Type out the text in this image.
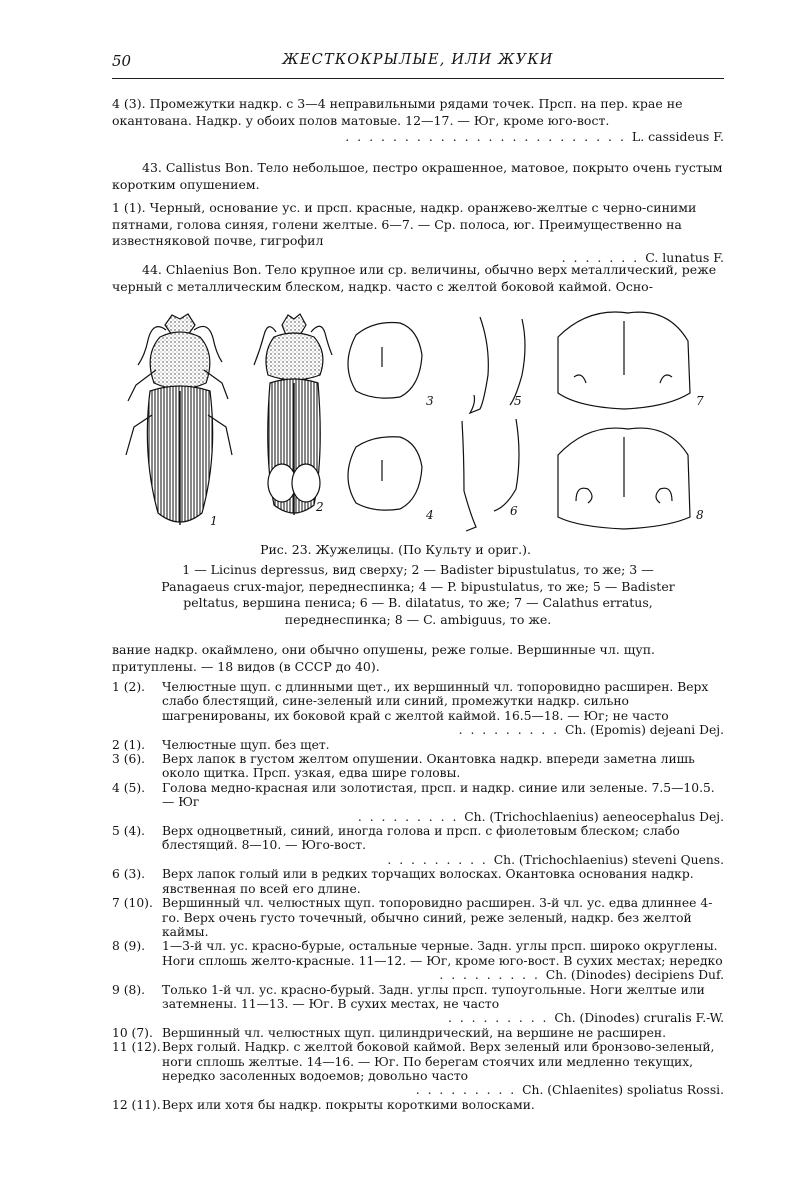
50	ЖЕСТКОКРЫЛЫЕ, ИЛИ ЖУКИ

4 (3). Промежутки надкр. с 3—4 неправильными рядами точек. Прсп. на пер. крае не окантована. Надкр. у обоих полов матовые. 12—17. — Юг, кроме юго-вост.
. . . . . . . . . . . . . . . . . . . . . . . . L. cassideus F.

43. Callistus Bon. Тело небольшое, пестро окрашенное, матовое, покрыто очень густым коротким опушением.

1 (1). Черный, основание ус. и прсп. красные, надкр. оранжево-желтые с черно-синими пятнами, голова синяя, голени желтые. 6—7. — Ср. полоса, юг. Преимущественно на известняковой почве, гигрофил
. . . . . . . C. lunatus F.

44. Chlaenius Bon. Тело крупное или ср. величины, обычно верх металлический, реже черный с металлическим блеском, надкр. часто с желтой боковой каймой. Осно-

1
2
3
4
5
6
7
8
Рис. 23. Жужелицы. (По Культу и ориг.).
1 — Licinus depressus, вид сверху; 2 — Badister bipustulatus, то же; 3 — Panagaeus crux-major, переднеспинка; 4 — P. bipustulatus, то же; 5 — Badister peltatus, вершина пениса; 6 — B. dilatatus, то же; 7 — Calathus erratus, переднеспинка; 8 — C. ambiguus, то же.

вание надкр. окаймлено, они обычно опушены, реже голые. Вершинные чл. щуп. притуплены. — 18 видов (в СССР до 40).

1 (2). Челюстные щуп. с длинными щет., их вершинный чл. топоровидно расширен. Верх слабо блестящий, сине-зеленый или синий, промежутки надкр. сильно шагренированы, их боковой край с желтой каймой. 16.5—18. — Юг; не часто
. . . . . . . . . Ch. (Epomis) dejeani Dej.
2 (1). Челюстные щуп. без щет.
3 (6). Верх лапок в густом желтом опушении. Окантовка надкр. впереди заметна лишь около щитка. Прсп. узкая, едва шире головы.
4 (5). Голова медно-красная или золотистая, прсп. и надкр. синие или зеленые. 7.5—10.5. — Юг
. . . . . . . . . Ch. (Trichochlaenius) aeneocephalus Dej.
5 (4). Верх одноцветный, синий, иногда голова и прсп. с фиолетовым блеском; слабо блестящий. 8—10. — Юго-вост.
. . . . . . . . . Ch. (Trichochlaenius) steveni Quens.
6 (3). Верх лапок голый или в редких торчащих волосках. Окантовка основания надкр. явственная по всей его длине.
7 (10). Вершинный чл. челюстных щуп. топоровидно расширен. 3-й чл. ус. едва длиннее 4-го. Верх очень густо точечный, обычно синий, реже зеленый, надкр. без желтой каймы.
8 (9). 1—3-й чл. ус. красно-бурые, остальные черные. Задн. углы прсп. широко округлены. Ноги сплошь желто-красные. 11—12. — Юг, кроме юго-вост. В сухих местах; нередко
. . . . . . . . . Ch. (Dinodes) decipiens Duf.
9 (8). Только 1-й чл. ус. красно-бурый. Задн. углы прсп. тупоугольные. Ноги желтые или затемнены. 11—13. — Юг. В сухих местах, не часто
. . . . . . . . . Ch. (Dinodes) cruralis F.-W.
10 (7). Вершинный чл. челюстных щуп. цилиндрический, на вершине не расширен.
11 (12). Верх голый. Надкр. с желтой боковой каймой. Верх зеленый или бронзово-зеленый, ноги сплошь желтые. 14—16. — Юг. По берегам стоячих или медленно текущих, нередко засоленных водоемов; довольно часто
. . . . . . . . . Ch. (Chlaenites) spoliatus Rossi.
12 (11). Верх или хотя бы надкр. покрыты короткими волосками.
